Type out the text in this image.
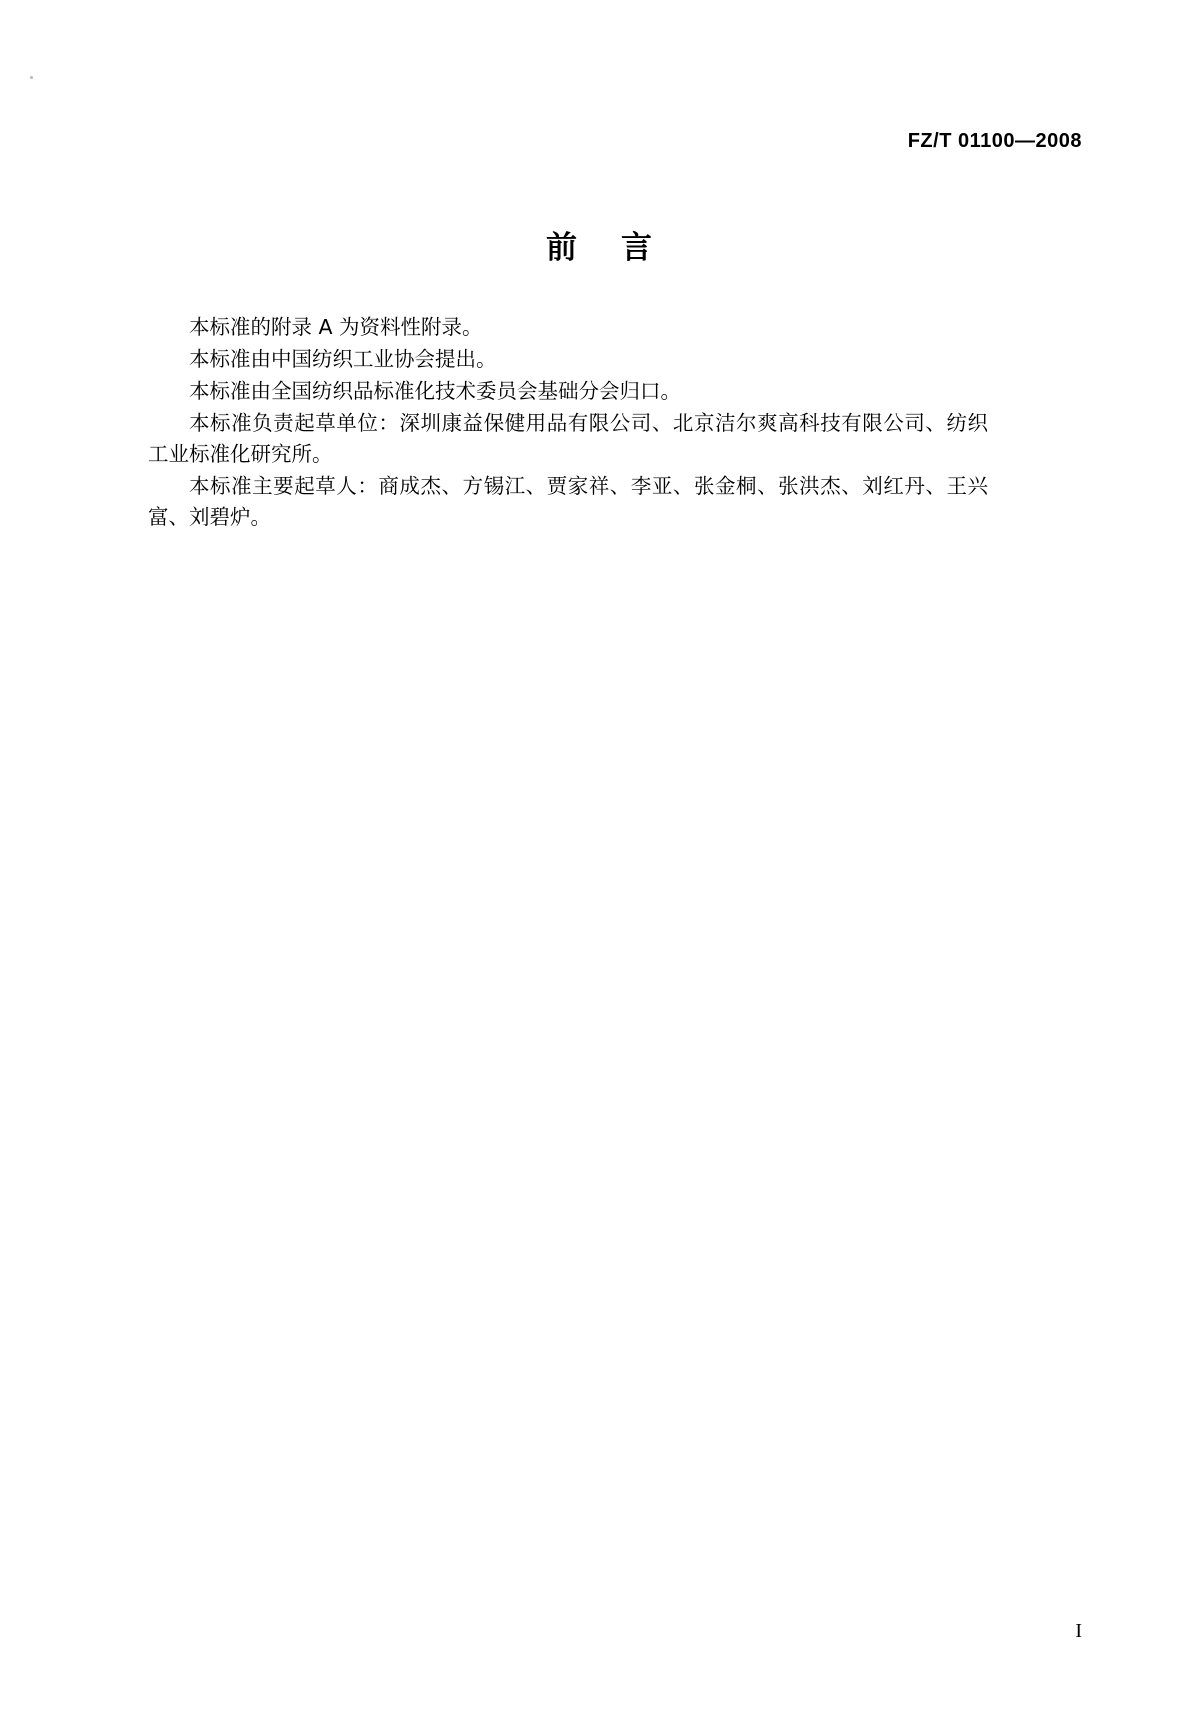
FZ/T 01100—2008
前 言

本标准的附录 A 为资料性附录。

本标准由中国纺织工业协会提出。

本标准由全国纺织品标准化技术委员会基础分会归口。

本标准负责起草单位：深圳康益保健用品有限公司、北京洁尔爽高科技有限公司、纺织工业标准化研究所。

本标准主要起草人：商成杰、方锡江、贾家祥、李亚、张金桐、张洪杰、刘红丹、王兴富、刘碧炉。

I
